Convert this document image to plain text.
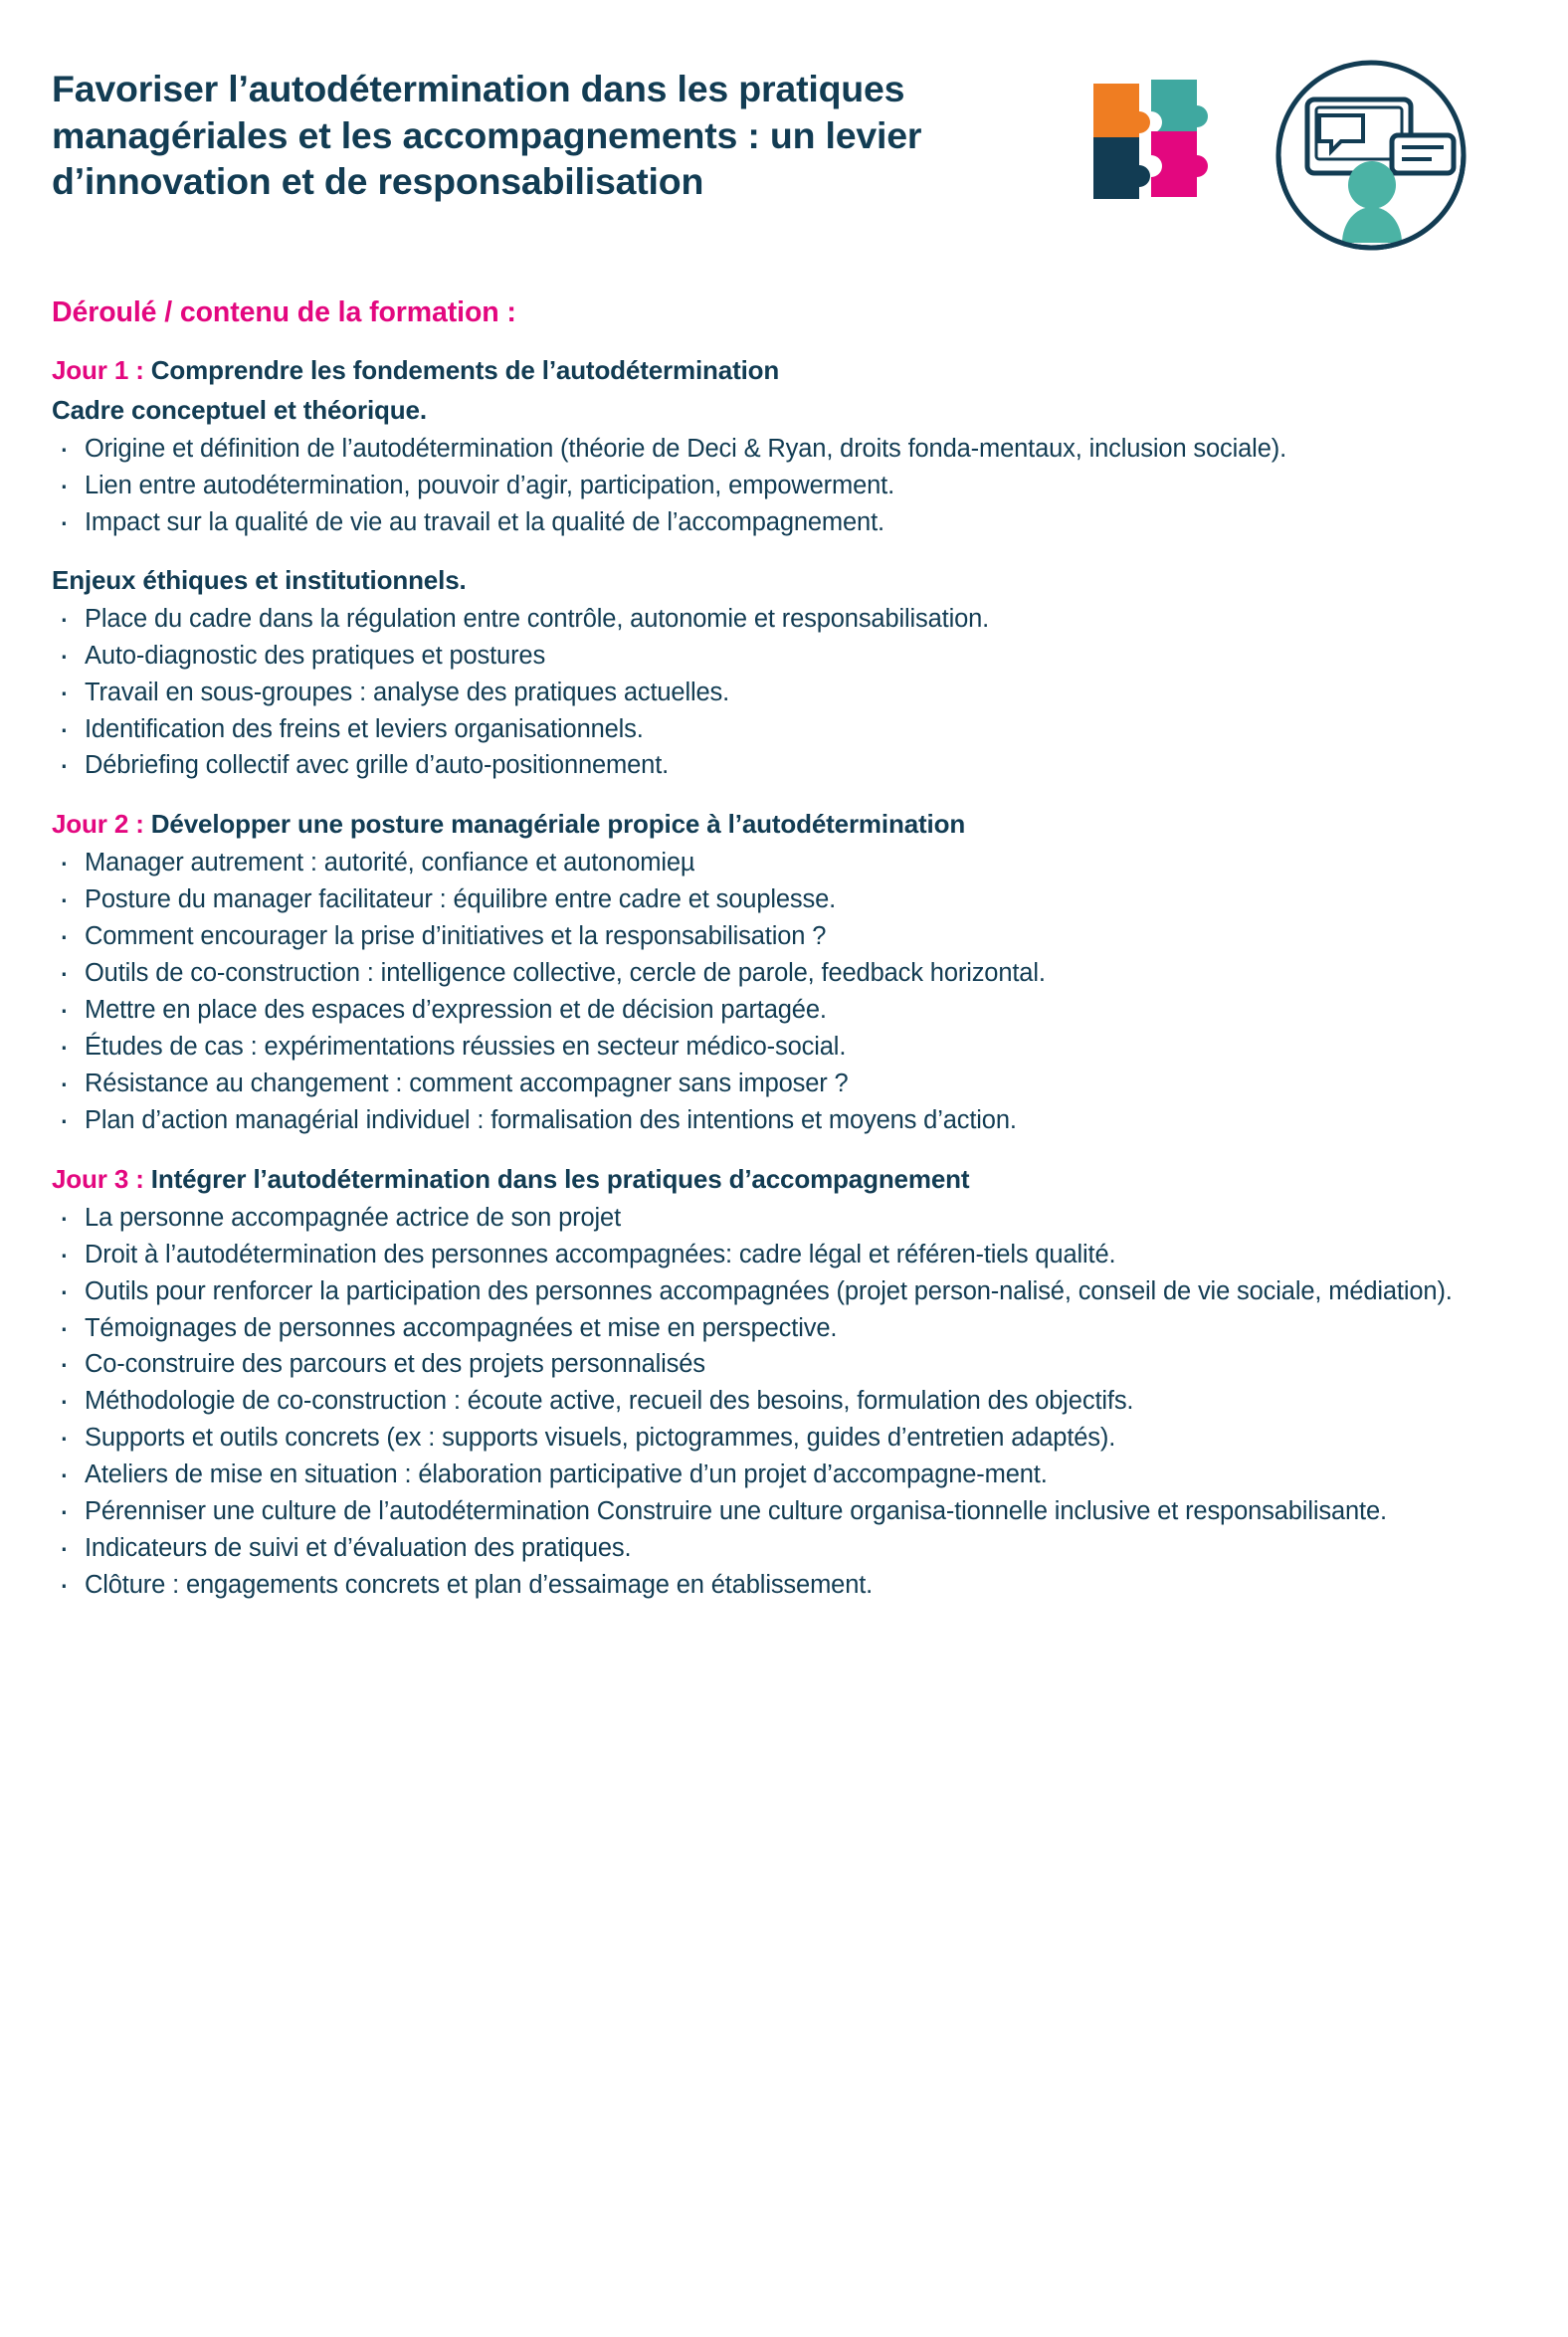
Favoriser l’autodétermination dans les pratiques managériales et les accompagnements : un levier d’innovation et de responsabilisation
Déroulé / contenu de la formation :
Jour 1 : Comprendre les fondements de l’autodétermination
Cadre conceptuel et théorique.
· Origine et définition de l’autodétermination (théorie de Deci & Ryan, droits fonda-mentaux, inclusion sociale).
· Lien entre autodétermination, pouvoir d’agir, participation, empowerment.
· Impact sur la qualité de vie au travail et la qualité de l’accompagnement.
Enjeux éthiques et institutionnels.
· Place du cadre dans la régulation entre contrôle, autonomie et responsabilisation.
· Auto-diagnostic des pratiques et postures
· Travail en sous-groupes : analyse des pratiques actuelles.
· Identification des freins et leviers organisationnels.
· Débriefing collectif avec grille d’auto-positionnement.
Jour 2 : Développer une posture managériale propice à l’autodétermination
· Manager autrement : autorité, confiance et autonomieµ
· Posture du manager facilitateur : équilibre entre cadre et souplesse.
· Comment encourager la prise d’initiatives et la responsabilisation ?
· Outils de co-construction : intelligence collective, cercle de parole, feedback horizontal.
· Mettre en place des espaces d’expression et de décision partagée.
· Études de cas : expérimentations réussies en secteur médico-social.
· Résistance au changement : comment accompagner sans imposer ?
· Plan d’action managérial individuel : formalisation des intentions et moyens d’action.
Jour 3 : Intégrer l’autodétermination dans les pratiques d’accompagnement
· La personne accompagnée actrice de son projet
· Droit à l’autodétermination des personnes accompagnées: cadre légal et référen-tiels qualité.
· Outils pour renforcer la participation des personnes accompagnées (projet person-nalisé, conseil de vie sociale, médiation).
· Témoignages de personnes accompagnées et mise en perspective.
· Co-construire des parcours et des projets personnalisés
· Méthodologie de co-construction : écoute active, recueil des besoins, formulation des objectifs.
· Supports et outils concrets (ex : supports visuels, pictogrammes, guides d’entretien adaptés).
· Ateliers de mise en situation : élaboration participative d’un projet d’accompagne-ment.
· Pérenniser une culture de l’autodétermination Construire une culture organisa-tionnelle inclusive et responsabilisante.
· Indicateurs de suivi et d’évaluation des pratiques.
· Clôture : engagements concrets et plan d’essaimage en établissement.
